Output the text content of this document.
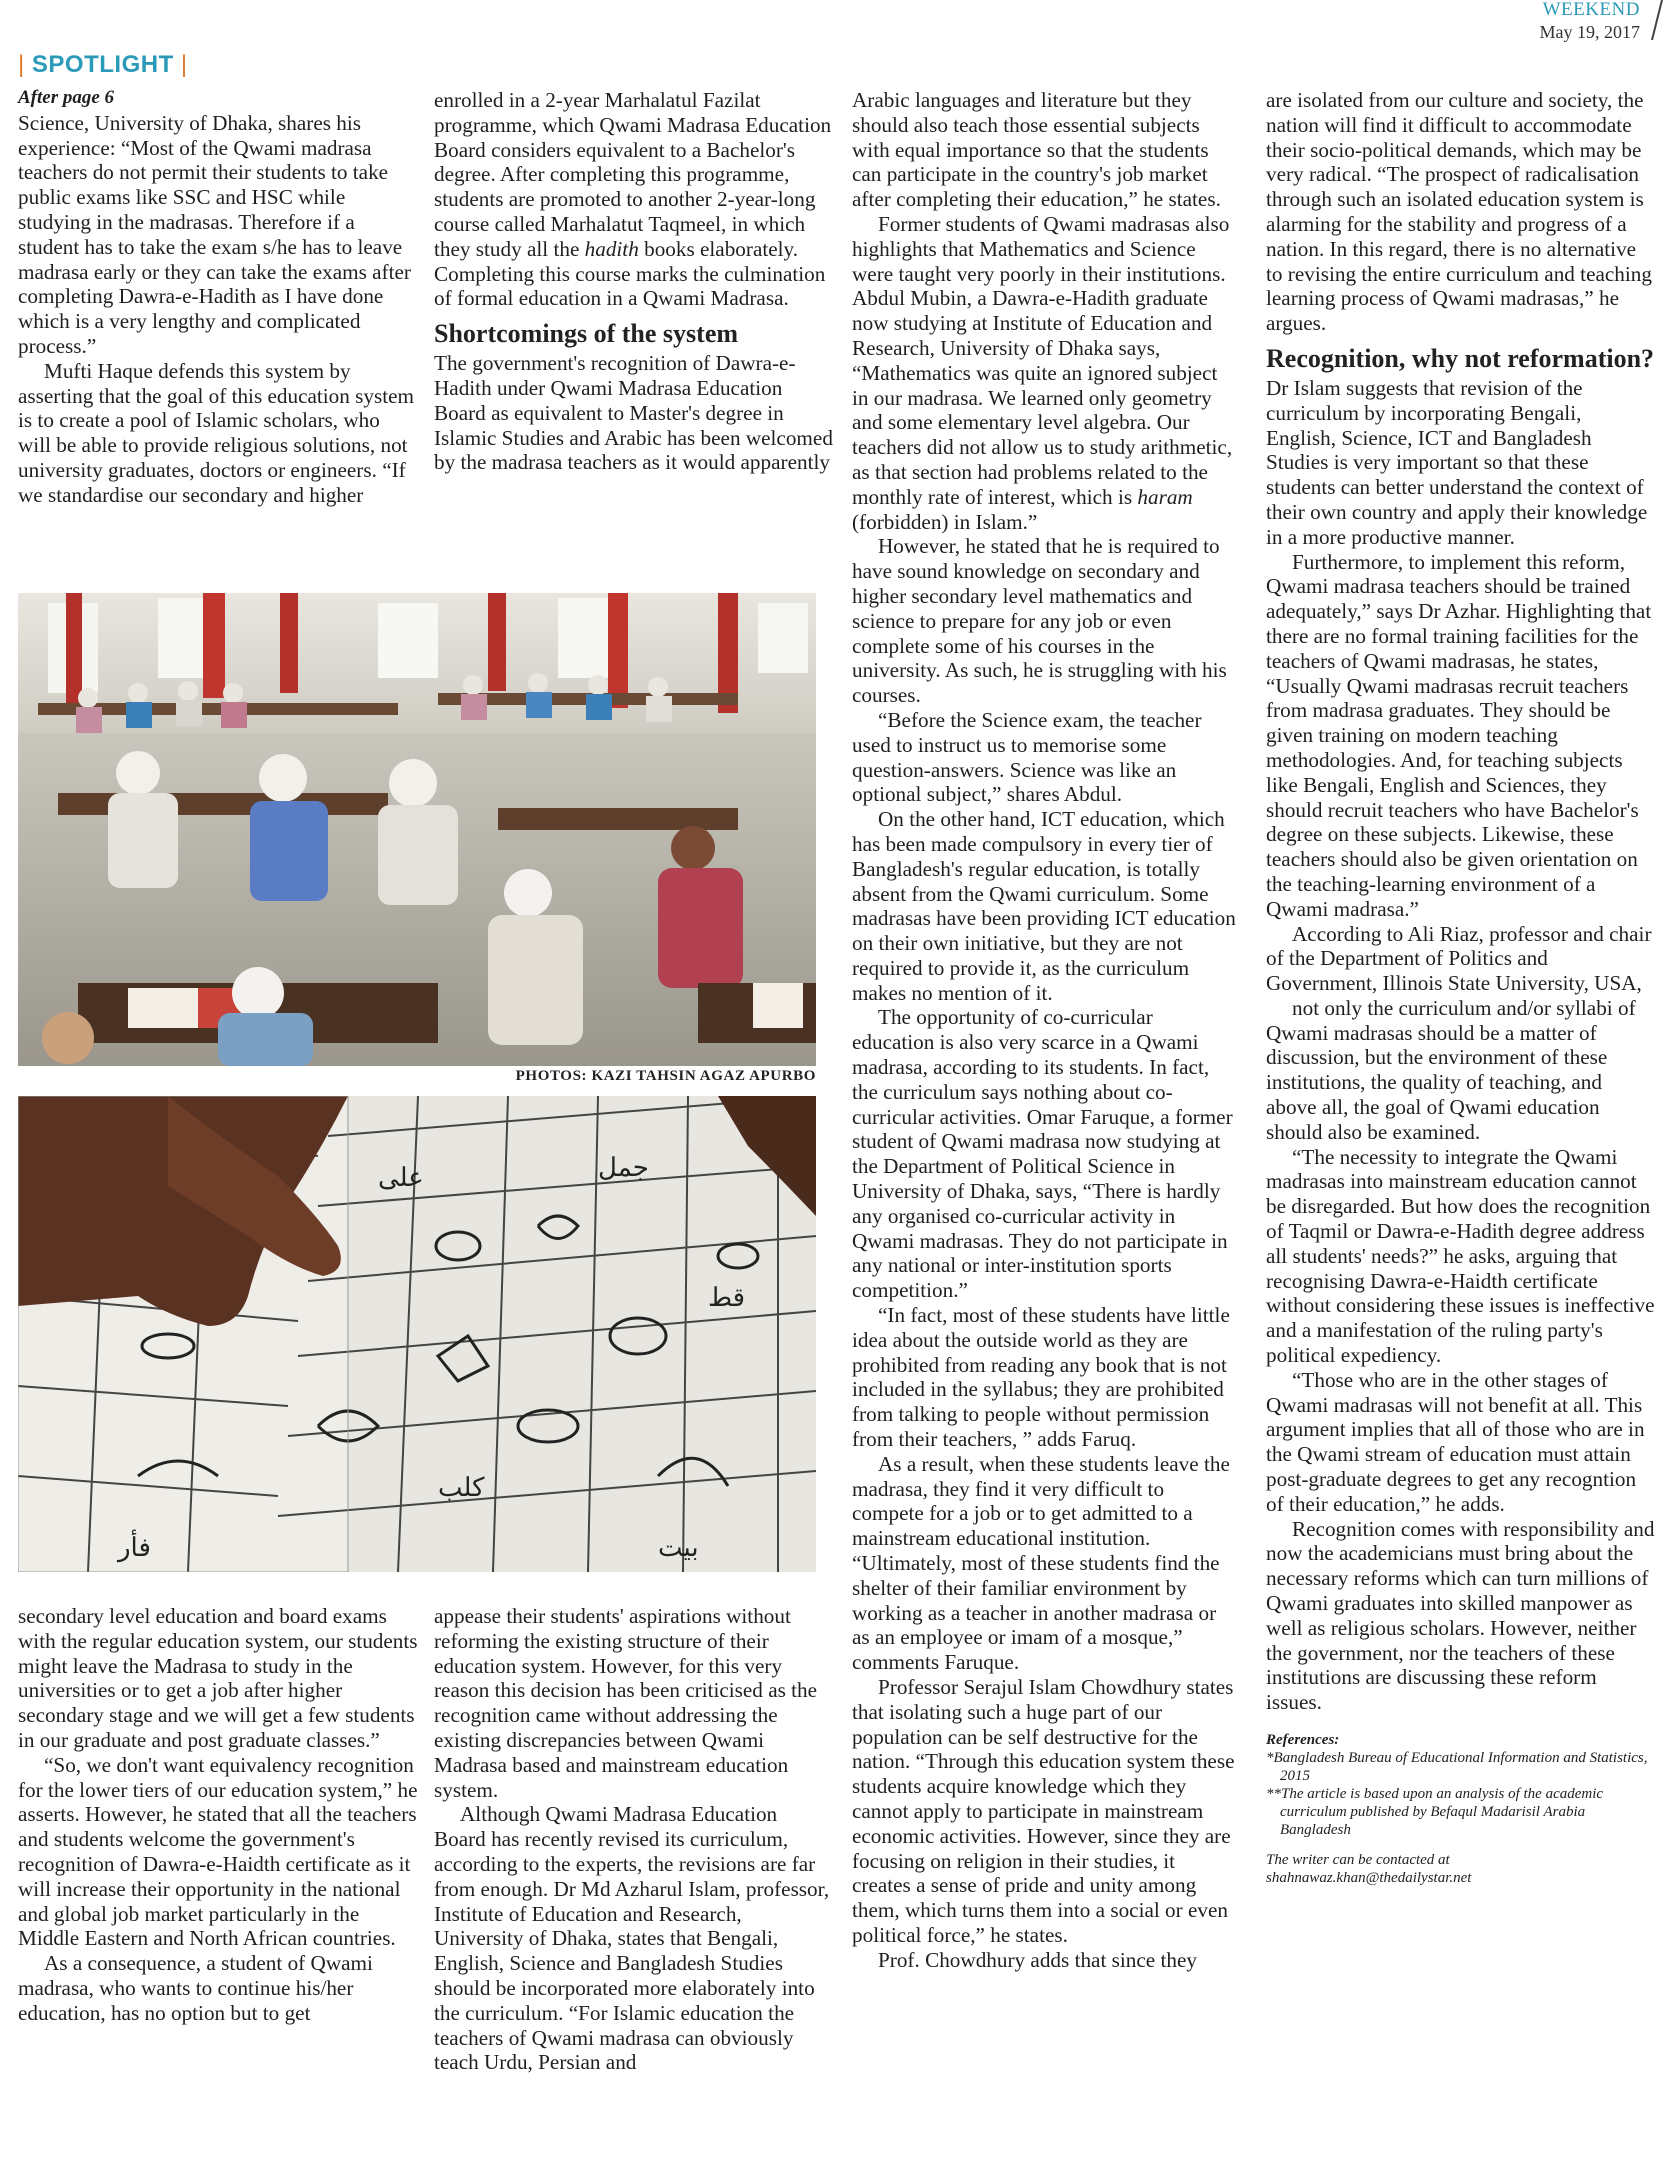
WEEKEND
May 19, 2017
| SPOTLIGHT |

After page 6

Science, University of Dhaka, shares his experience: “Most of the Qwami madrasa teachers do not permit their students to take public exams like SSC and HSC while studying in the madrasas. Therefore if a student has to take the exam s/he has to leave madrasa early or they can take the exams after completing Dawra-e-Hadith as I have done which is a very lengthy and complicated process.”

Mufti Haque defends this system by asserting that the goal of this education system is to create a pool of Islamic scholars, who will be able to provide religious solutions, not university graduates, doctors or engineers. “If we standardise our secondary and higher

enrolled in a 2-year Marhalatul Fazilat programme, which Qwami Madrasa Education Board considers equivalent to a Bachelor's degree. After completing this programme, students are promoted to another 2-year-long course called Marhalatut Taqmeel, in which they study all the hadith books elaborately. Completing this course marks the culmination of formal education in a Qwami Madrasa.

Shortcomings of the system

The government's recognition of Dawra-e-Hadith under Qwami Madrasa Education Board as equivalent to Master's degree in Islamic Studies and Arabic has been welcomed by the madrasa teachers as it would apparently

PHOTOS: KAZI TAHSIN AGAZ APURBO
ﻋﻠﻰ	ﺟﻤﻞ
ﻗﻂ
ﻛﻠﺐ
ﺑﻴﺖ
ﻓﺄﺭ

secondary level education and board exams with the regular education system, our students might leave the Madrasa to study in the universities or to get a job after higher secondary stage and we will get a few students in our graduate and post graduate classes.”

“So, we don't want equivalency recognition for the lower tiers of our education system,” he asserts. However, he stated that all the teachers and students welcome the government's recognition of Dawra-e-Haidth certificate as it will increase their opportunity in the national and global job market particularly in the Middle Eastern and North African countries.

As a consequence, a student of Qwami madrasa, who wants to continue his/her education, has no option but to get

appease their students' aspirations without reforming the existing structure of their education system. However, for this very reason this decision has been criticised as the recognition came without addressing the existing discrepancies between Qwami Madrasa based and mainstream education system.

Although Qwami Madrasa Education Board has recently revised its curriculum, according to the experts, the revisions are far from enough. Dr Md Azharul Islam, professor, Institute of Education and Research, University of Dhaka, states that Bengali, English, Science and Bangladesh Studies should be incorporated more elaborately into the curriculum. “For Islamic education the teachers of Qwami madrasa can obviously teach Urdu, Persian and

Arabic languages and literature but they should also teach those essential subjects with equal importance so that the students can participate in the country's job market after completing their education,” he states.

Former students of Qwami madrasas also highlights that Mathematics and Science were taught very poorly in their institutions. Abdul Mubin, a Dawra-e-Hadith graduate now studying at Institute of Education and Research, University of Dhaka says, “Mathematics was quite an ignored subject in our madrasa. We learned only geometry and some elementary level algebra. Our teachers did not allow us to study arithmetic, as that section had problems related to the monthly rate of interest, which is haram (forbidden) in Islam.”

However, he stated that he is required to have sound knowledge on secondary and higher secondary level mathematics and science to prepare for any job or even complete some of his courses in the university. As such, he is struggling with his courses.

“Before the Science exam, the teacher used to instruct us to memorise some question-answers. Science was like an optional subject,” shares Abdul.

On the other hand, ICT education, which has been made compulsory in every tier of Bangladesh's regular education, is totally absent from the Qwami curriculum. Some madrasas have been providing ICT education on their own initiative, but they are not required to provide it, as the curriculum makes no mention of it.

The opportunity of co-curricular education is also very scarce in a Qwami madrasa, according to its students. In fact, the curriculum says nothing about co-curricular activities. Omar Faruque, a former student of Qwami madrasa now studying at the Department of Political Science in University of Dhaka, says, “There is hardly any organised co-curricular activity in Qwami madrasas. They do not participate in any national or inter-institution sports competition.”

“In fact, most of these students have little idea about the outside world as they are prohibited from reading any book that is not included in the syllabus; they are prohibited from talking to people without permission from their teachers, ” adds Faruq.

As a result, when these students leave the madrasa, they find it very difficult to compete for a job or to get admitted to a mainstream educational institution. “Ultimately, most of these students find the shelter of their familiar environment by working as a teacher in another madrasa or as an employee or imam of a mosque,” comments Faruque.

Professor Serajul Islam Chowdhury states that isolating such a huge part of our population can be self destructive for the nation. “Through this education system these students acquire knowledge which they cannot apply to participate in mainstream economic activities. However, since they are focusing on religion in their studies, it creates a sense of pride and unity among them, which turns them into a social or even political force,” he states.

Prof. Chowdhury adds that since they

are isolated from our culture and society, the nation will find it difficult to accommodate their socio-political demands, which may be very radical. “The prospect of radicalisation through such an isolated education system is alarming for the stability and progress of a nation. In this regard, there is no alternative to revising the entire curriculum and teaching learning process of Qwami madrasas,” he argues.

Recognition, why not reformation?

Dr Islam suggests that revision of the curriculum by incorporating Bengali, English, Science, ICT and Bangladesh Studies is very important so that these students can better understand the context of their own country and apply their knowledge in a more productive manner.

Furthermore, to implement this reform, Qwami madrasa teachers should be trained adequately,” says Dr Azhar. Highlighting that there are no formal training facilities for the teachers of Qwami madrasas, he states, “Usually Qwami madrasas recruit teachers from madrasa graduates. They should be given training on modern teaching methodologies. And, for teaching subjects like Bengali, English and Sciences, they should recruit teachers who have Bachelor's degree on these subjects. Likewise, these teachers should also be given orientation on the teaching-learning environment of a Qwami madrasa.”

According to Ali Riaz, professor and chair of the Department of Politics and Government, Illinois State University, USA,

not only the curriculum and/or syllabi of Qwami madrasas should be a matter of discussion, but the environment of these institutions, the quality of teaching, and above all, the goal of Qwami education should also be examined.

“The necessity to integrate the Qwami madrasas into mainstream education cannot be disregarded. But how does the recognition of Taqmil or Dawra-e-Hadith degree address all students' needs?” he asks, arguing that recognising Dawra-e-Haidth certificate without considering these issues is ineffective and a manifestation of the ruling party's political expediency.

“Those who are in the other stages of Qwami madrasas will not benefit at all. This argument implies that all of those who are in the Qwami stream of education must attain post-graduate degrees to get any recogntion of their education,” he adds.

Recognition comes with responsibility and now the academicians must bring about the necessary reforms which can turn millions of Qwami graduates into skilled manpower as well as religious scholars. However, neither the government, nor the teachers of these institutions are discussing these reform issues.

References:

*Bangladesh Bureau of Educational Information and Statistics, 2015

**The article is based upon an analysis of the academic curriculum published by Befaqul Madarisil Arabia Bangladesh

The writer can be contacted at

shahnawaz.khan@thedailystar.net
